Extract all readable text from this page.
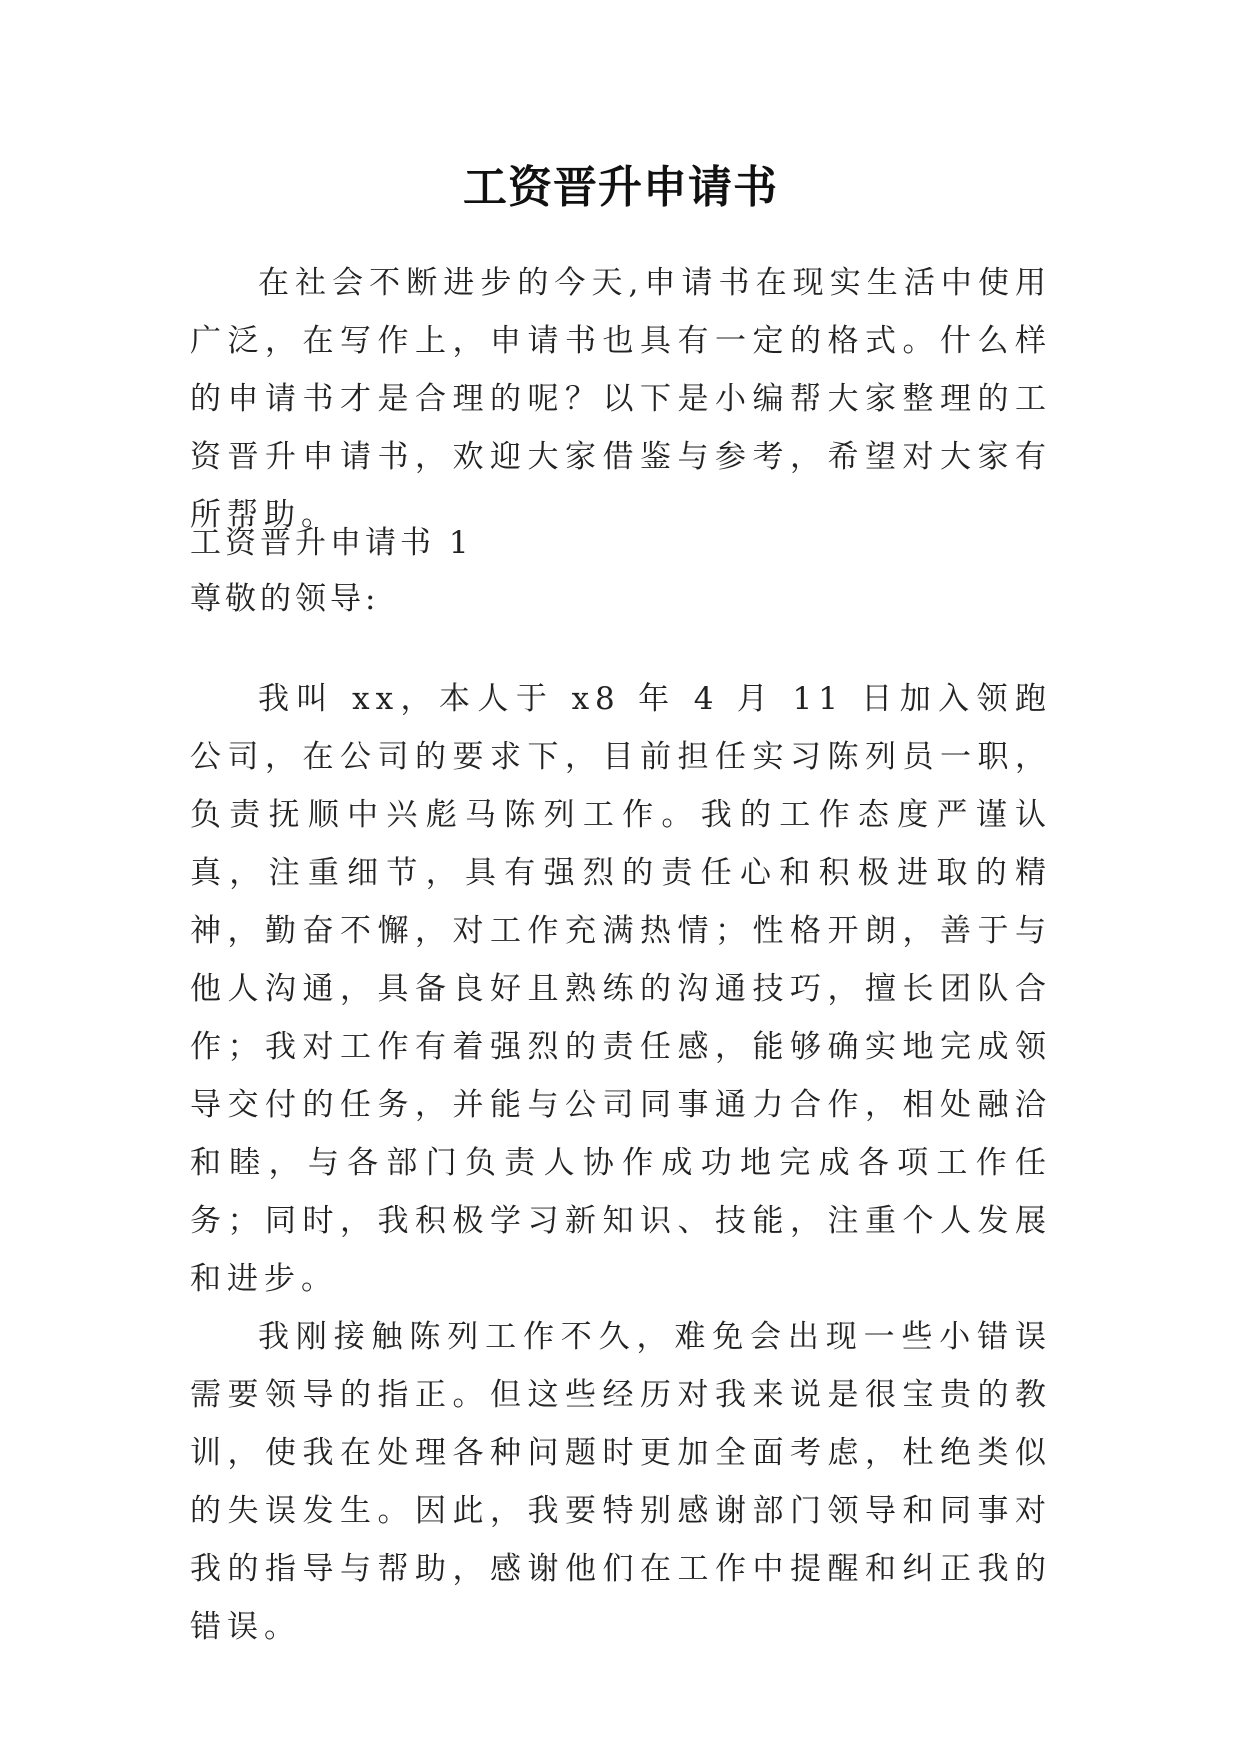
工资晋升申请书
在社会不断进步的今天,申请书在现实生活中使用广泛，在写作上，申请书也具有一定的格式。什么样的申请书才是合理的呢？以下是小编帮大家整理的工资晋升申请书，欢迎大家借鉴与参考，希望对大家有所帮助。
工资晋升申请书 1
尊敬的领导:

我叫 xx，本人于 x8 年 4 月 11 日加入领跑公司，在公司的要求下，目前担任实习陈列员一职，负责抚顺中兴彪马陈列工作。我的工作态度严谨认真，注重细节，具有强烈的责任心和积极进取的精神，勤奋不懈，对工作充满热情；性格开朗，善于与他人沟通，具备良好且熟练的沟通技巧，擅长团队合作；我对工作有着强烈的责任感，能够确实地完成领导交付的任务，并能与公司同事通力合作，相处融洽和睦，与各部门负责人协作成功地完成各项工作任务；同时，我积极学习新知识、技能，注重个人发展和进步。

我刚接触陈列工作不久，难免会出现一些小错误需要领导的指正。但这些经历对我来说是很宝贵的教训，使我在处理各种问题时更加全面考虑，杜绝类似的失误发生。因此，我要特别感谢部门领导和同事对我的指导与帮助，感谢他们在工作中提醒和纠正我的错误。
